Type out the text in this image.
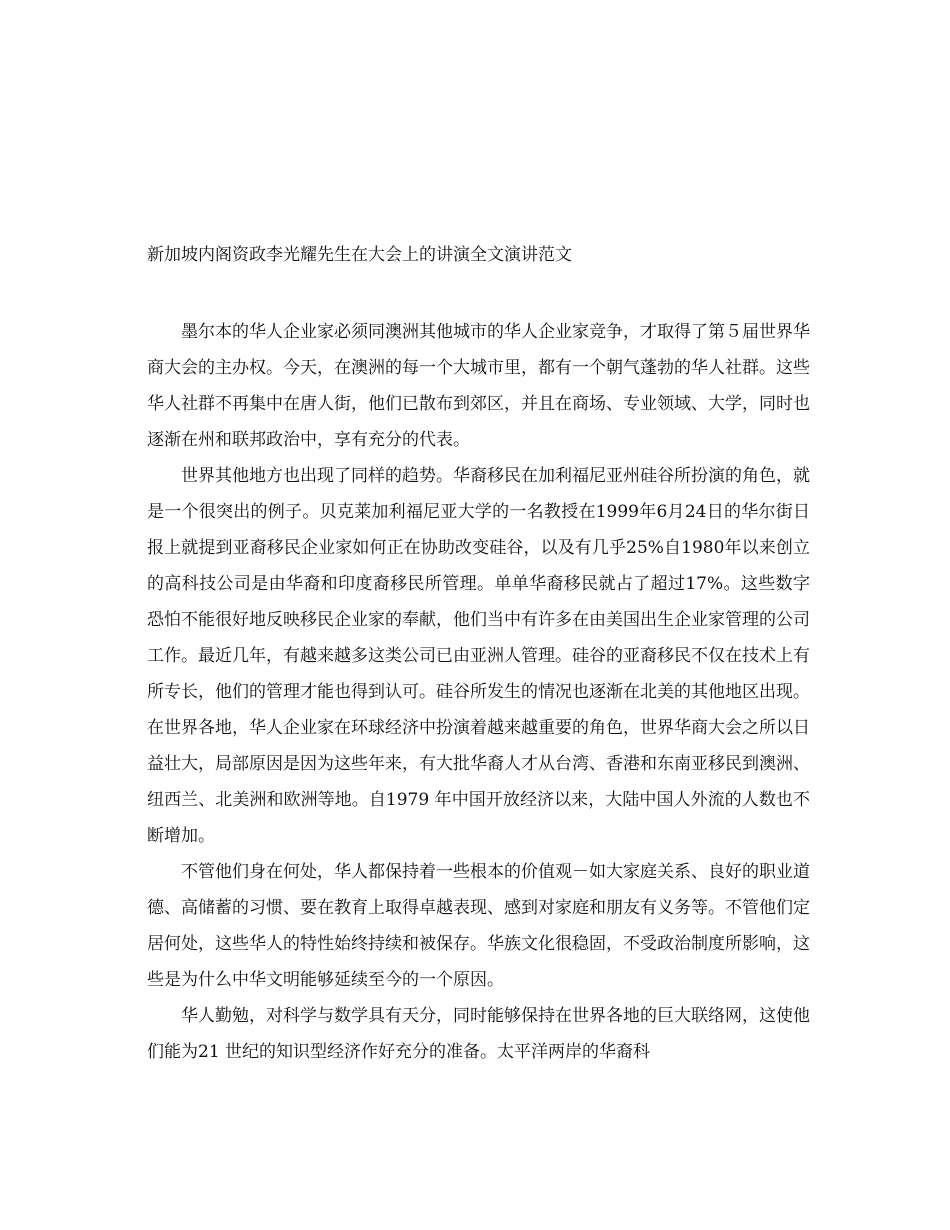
新加坡内阁资政李光耀先生在大会上的讲演全文演讲范文

墨尔本的华人企业家必须同澳洲其他城市的华人企业家竞争，才取得了第５届世界华商大会的主办权。今天，在澳洲的每一个大城市里，都有一个朝气蓬勃的华人社群。这些华人社群不再集中在唐人街，他们已散布到郊区，并且在商场、专业领域、大学，同时也逐渐在州和联邦政治中，享有充分的代表。

世界其他地方也出现了同样的趋势。华裔移民在加利福尼亚州硅谷所扮演的角色，就是一个很突出的例子。贝克莱加利福尼亚大学的一名教授在1999年6月24日的华尔街日报上就提到亚裔移民企业家如何正在协助改变硅谷，以及有几乎25%自1980年以来创立的高科技公司是由华裔和印度裔移民所管理。单单华裔移民就占了超过17%。这些数字恐怕不能很好地反映移民企业家的奉献，他们当中有许多在由美国出生企业家管理的公司工作。最近几年，有越来越多这类公司已由亚洲人管理。硅谷的亚裔移民不仅在技术上有所专长，他们的管理才能也得到认可。硅谷所发生的情况也逐渐在北美的其他地区出现。在世界各地，华人企业家在环球经济中扮演着越来越重要的角色，世界华商大会之所以日益壮大，局部原因是因为这些年来，有大批华裔人才从台湾、香港和东南亚移民到澳洲、纽西兰、北美洲和欧洲等地。自1979 年中国开放经济以来，大陆中国人外流的人数也不断增加。

不管他们身在何处，华人都保持着一些根本的价值观－如大家庭关系、良好的职业道德、高储蓄的习惯、要在教育上取得卓越表现、感到对家庭和朋友有义务等。不管他们定居何处，这些华人的特性始终持续和被保存。华族文化很稳固，不受政治制度所影响，这些是为什么中华文明能够延续至今的一个原因。

华人勤勉，对科学与数学具有天分，同时能够保持在世界各地的巨大联络网，这使他们能为21 世纪的知识型经济作好充分的准备。太平洋两岸的华裔科
